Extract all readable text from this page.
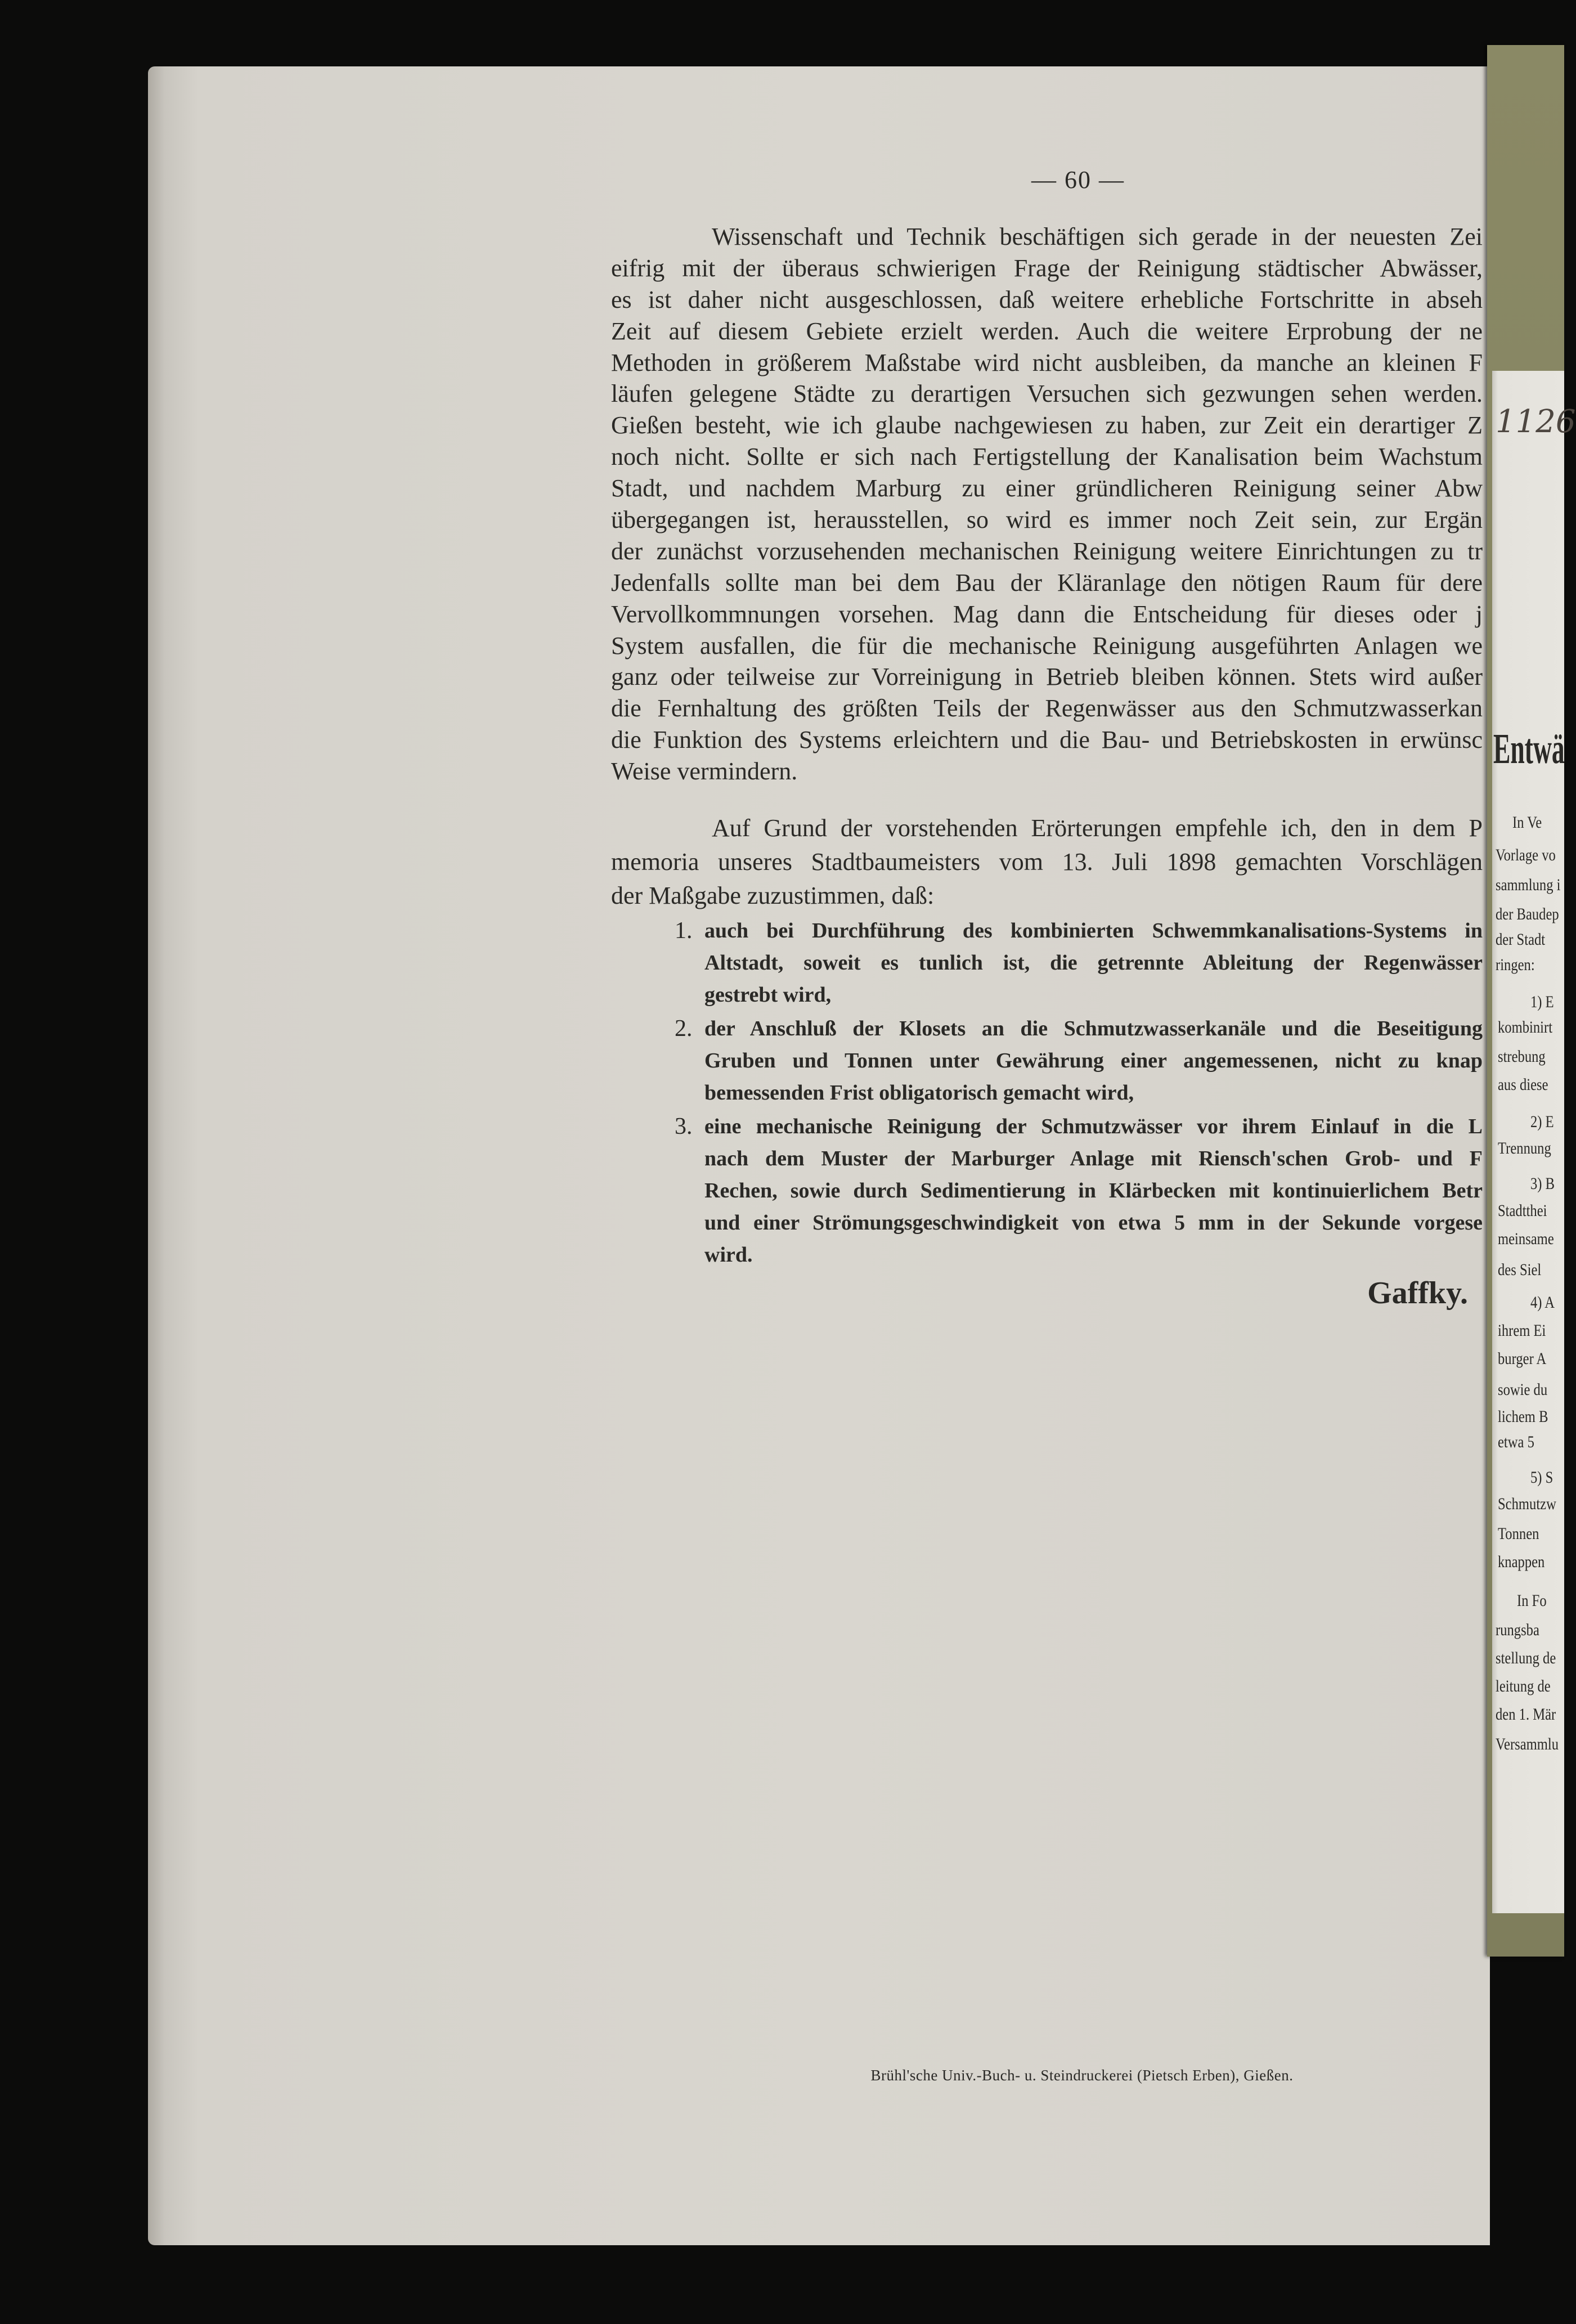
— 60 —
Wissenschaft und Technik beschäftigen sich gerade in der neuesten Zei
eifrig mit der überaus schwierigen Frage der Reinigung städtischer Abwässer,
es ist daher nicht ausgeschlossen, daß weitere erhebliche Fortschritte in abseh
Zeit auf diesem Gebiete erzielt werden. Auch die weitere Erprobung der ne
Methoden in größerem Maßstabe wird nicht ausbleiben, da manche an kleinen F
läufen gelegene Städte zu derartigen Versuchen sich gezwungen sehen werden.
Gießen besteht, wie ich glaube nachgewiesen zu haben, zur Zeit ein derartiger Z
noch nicht. Sollte er sich nach Fertigstellung der Kanalisation beim Wachstum
Stadt, und nachdem Marburg zu einer gründlicheren Reinigung seiner Abw
übergegangen ist, herausstellen, so wird es immer noch Zeit sein, zur Ergän
der zunächst vorzusehenden mechanischen Reinigung weitere Einrichtungen zu tr
Jedenfalls sollte man bei dem Bau der Kläranlage den nötigen Raum für dere
Vervollkommnungen vorsehen. Mag dann die Entscheidung für dieses oder j
System ausfallen, die für die mechanische Reinigung ausgeführten Anlagen we
ganz oder teilweise zur Vorreinigung in Betrieb bleiben können. Stets wird außer
die Fernhaltung des größten Teils der Regenwässer aus den Schmutzwasserkan
die Funktion des Systems erleichtern und die Bau- und Betriebskosten in erwünsc
Weise vermindern.
Auf Grund der vorstehenden Erörterungen empfehle ich, den in dem P
memoria unseres Stadtbaumeisters vom 13. Juli 1898 gemachten Vorschlägen
der Maßgabe zuzustimmen, daß:
1. auch bei Durchführung des kombinierten Schwemmkanalisations-Systems in
Altstadt, soweit es tunlich ist, die getrennte Ableitung der Regenwässer
gestrebt wird,
2. der Anschluß der Klosets an die Schmutzwasserkanäle und die Beseitigung
Gruben und Tonnen unter Gewährung einer angemessenen, nicht zu knap
bemessenden Frist obligatorisch gemacht wird,
3. eine mechanische Reinigung der Schmutzwässer vor ihrem Einlauf in die L
nach dem Muster der Marburger Anlage mit Riensch'schen Grob- und F
Rechen, sowie durch Sedimentierung in Klärbecken mit kontinuierlichem Betr
und einer Strömungsgeschwindigkeit von etwa 5 mm in der Sekunde vorgese
wird.
Gaffky.
Brühl'sche Univ.-Buch- u. Steindruckerei (Pietsch Erben), Gießen.
1126
Entwä
In Ve
Vorlage vo
sammlung i
der Baudep
der Stadt
ringen:
1) E
kombinirt
strebung
aus diese
2) E
Trennung
3) B
Stadtthei
meinsame
des Siel
4) A
ihrem Ei
burger A
sowie du
lichem B
etwa 5
5) S
Schmutzw
Tonnen
knappen
In Fo
rungsba
stellung de
leitung de
den 1. Mär
Versammlu
